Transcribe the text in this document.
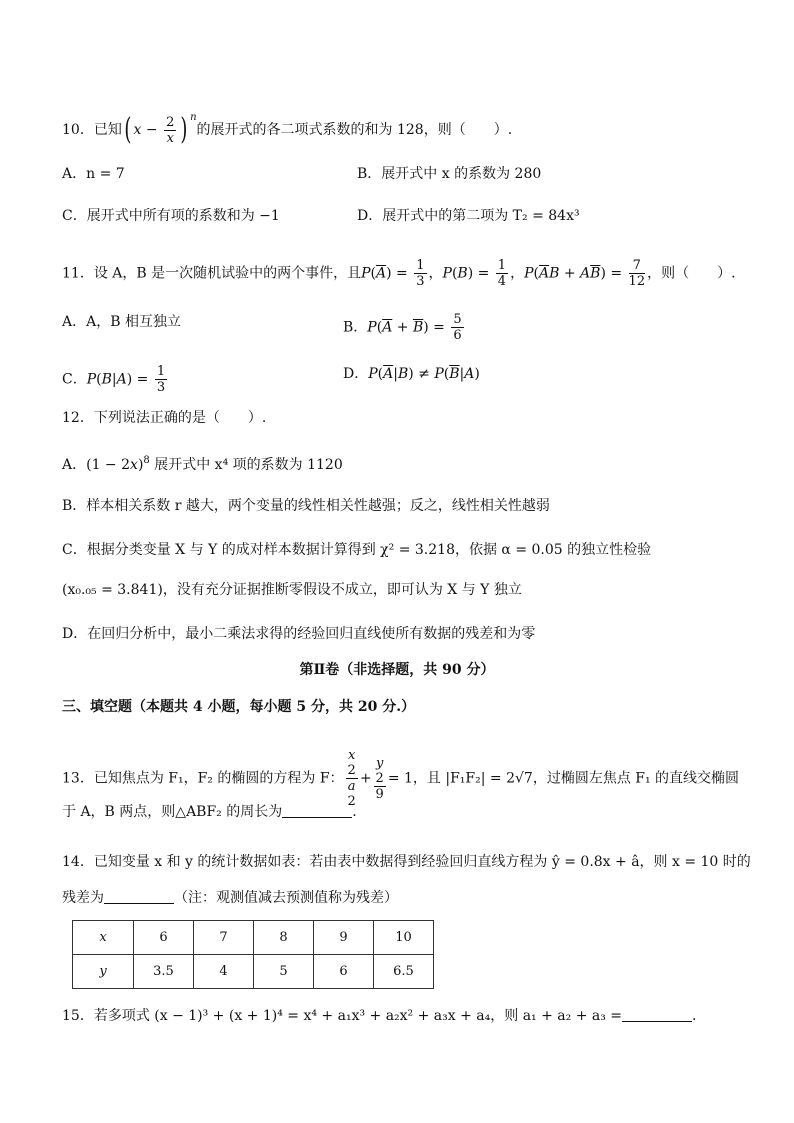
10．已知( $x - \frac{2}{x}$ ) $^n$的展开式的各二项式系数的和为 128，则（　　）.
A．n = 7	B．展开式中 x 的系数为 280
C．展开式中所有项的系数和为 −1	D．展开式中的第二项为 T₂ = 84x³
11．设 A，B 是一次随机试验中的两个事件，且$P(\overline{A}) = \frac{1}{3}$ ，$P(B) = \frac{1}{4}$ ，$P(\overline{A}B + A\overline{B}) = \frac{7}{12}$ ，则（　　）.
A．A，B 相互独立	B．$P(\overline{A} + \overline{B}) = \frac{5}{6}$
C．$P(B|A) = \frac{1}{3}$	D．$P(\overline{A}|B) \ne P(\overline{B}|A)$
12．下列说法正确的是（　　）.
A．$(1 - 2x)^8$ 展开式中 x⁴ 项的系数为 1120
B．样本相关系数 r 越大，两个变量的线性相关性越强；反之，线性相关性越弱
C．根据分类变量 X 与 Y 的成对样本数据计算得到 χ² = 3.218，依据 α = 0.05 的独立性检验
(x₀.₀₅ = 3.841)，没有充分证据推断零假设不成立，即可认为 X 与 Y 独立
D．在回归分析中，最小二乘法求得的经验回归直线使所有数据的残差和为零
第Ⅱ卷（非选择题，共 90 分）
三、填空题（本题共 4 小题，每小题 5 分，共 20 分.）
13．已知焦点为 F₁，F₂ 的椭圆的方程为 F： x
2
a
2 + y
2
9 = 1，且 |F₁F₂| = 2√7，过椭圆左焦点 F₁ 的直线交椭圆
于 A，B 两点，则△ABF₂ 的周长为	.
14．已知变量 x 和 y 的统计数据如表：若由表中数据得到经验回归直线方程为 ŷ = 0.8x + â，则 x = 10 时的
残差为	（注：观测值减去预测值称为残差）
x	6	7	8	9	10
y	3.5	4	5	6	6.5
15．若多项式 (x − 1)³ + (x + 1)⁴ = x⁴ + a₁x³ + a₂x² + a₃x + a₄，则 a₁ + a₂ + a₃ =	.
